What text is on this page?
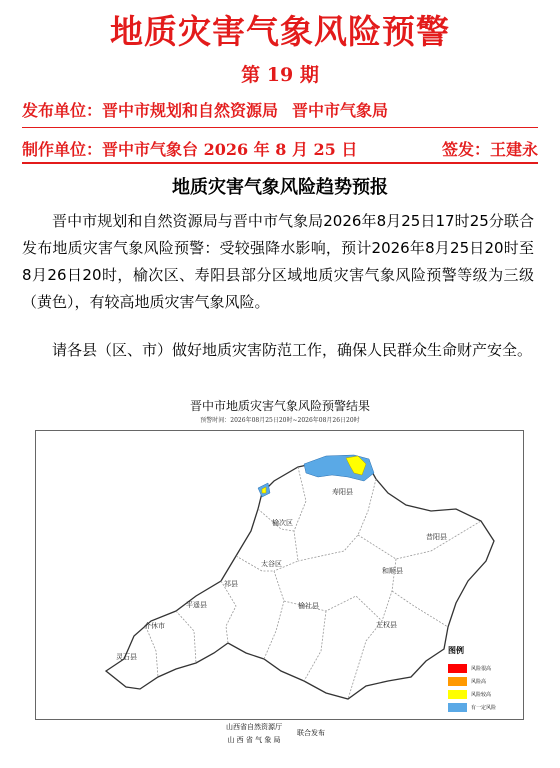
地质灾害气象风险预警
第 19 期
发布单位：晋中市规划和自然资源局 晋中市气象局
制作单位：晋中市气象台 2026 年 8 月 25 日	签发：王建永
地质灾害气象风险趋势预报

晋中市规划和自然资源局与晋中市气象局2026年8月25日17时25分联合发布地质灾害气象风险预警：受较强降水影响，预计2026年8月25日20时至8月26日20时，榆次区、寿阳县部分区域地质灾害气象风险预警等级为三级（黄色），有较高地质灾害气象风险。

请各县（区、市）做好地质灾害防范工作，确保人民群众生命财产安全。

晋中市地质灾害气象风险预警结果
预警时间：2026年08月25日20时~2026年08月26日20时
寿阳县
榆次区
昔阳县
和顺县
太谷区
祁县
平遥县
介休市
灵石县
榆社县
左权县
图例
风险很高
风险高
风险较高
有一定风险
山西省自然资源厅
山 西 省 气 象 局
联合发布
